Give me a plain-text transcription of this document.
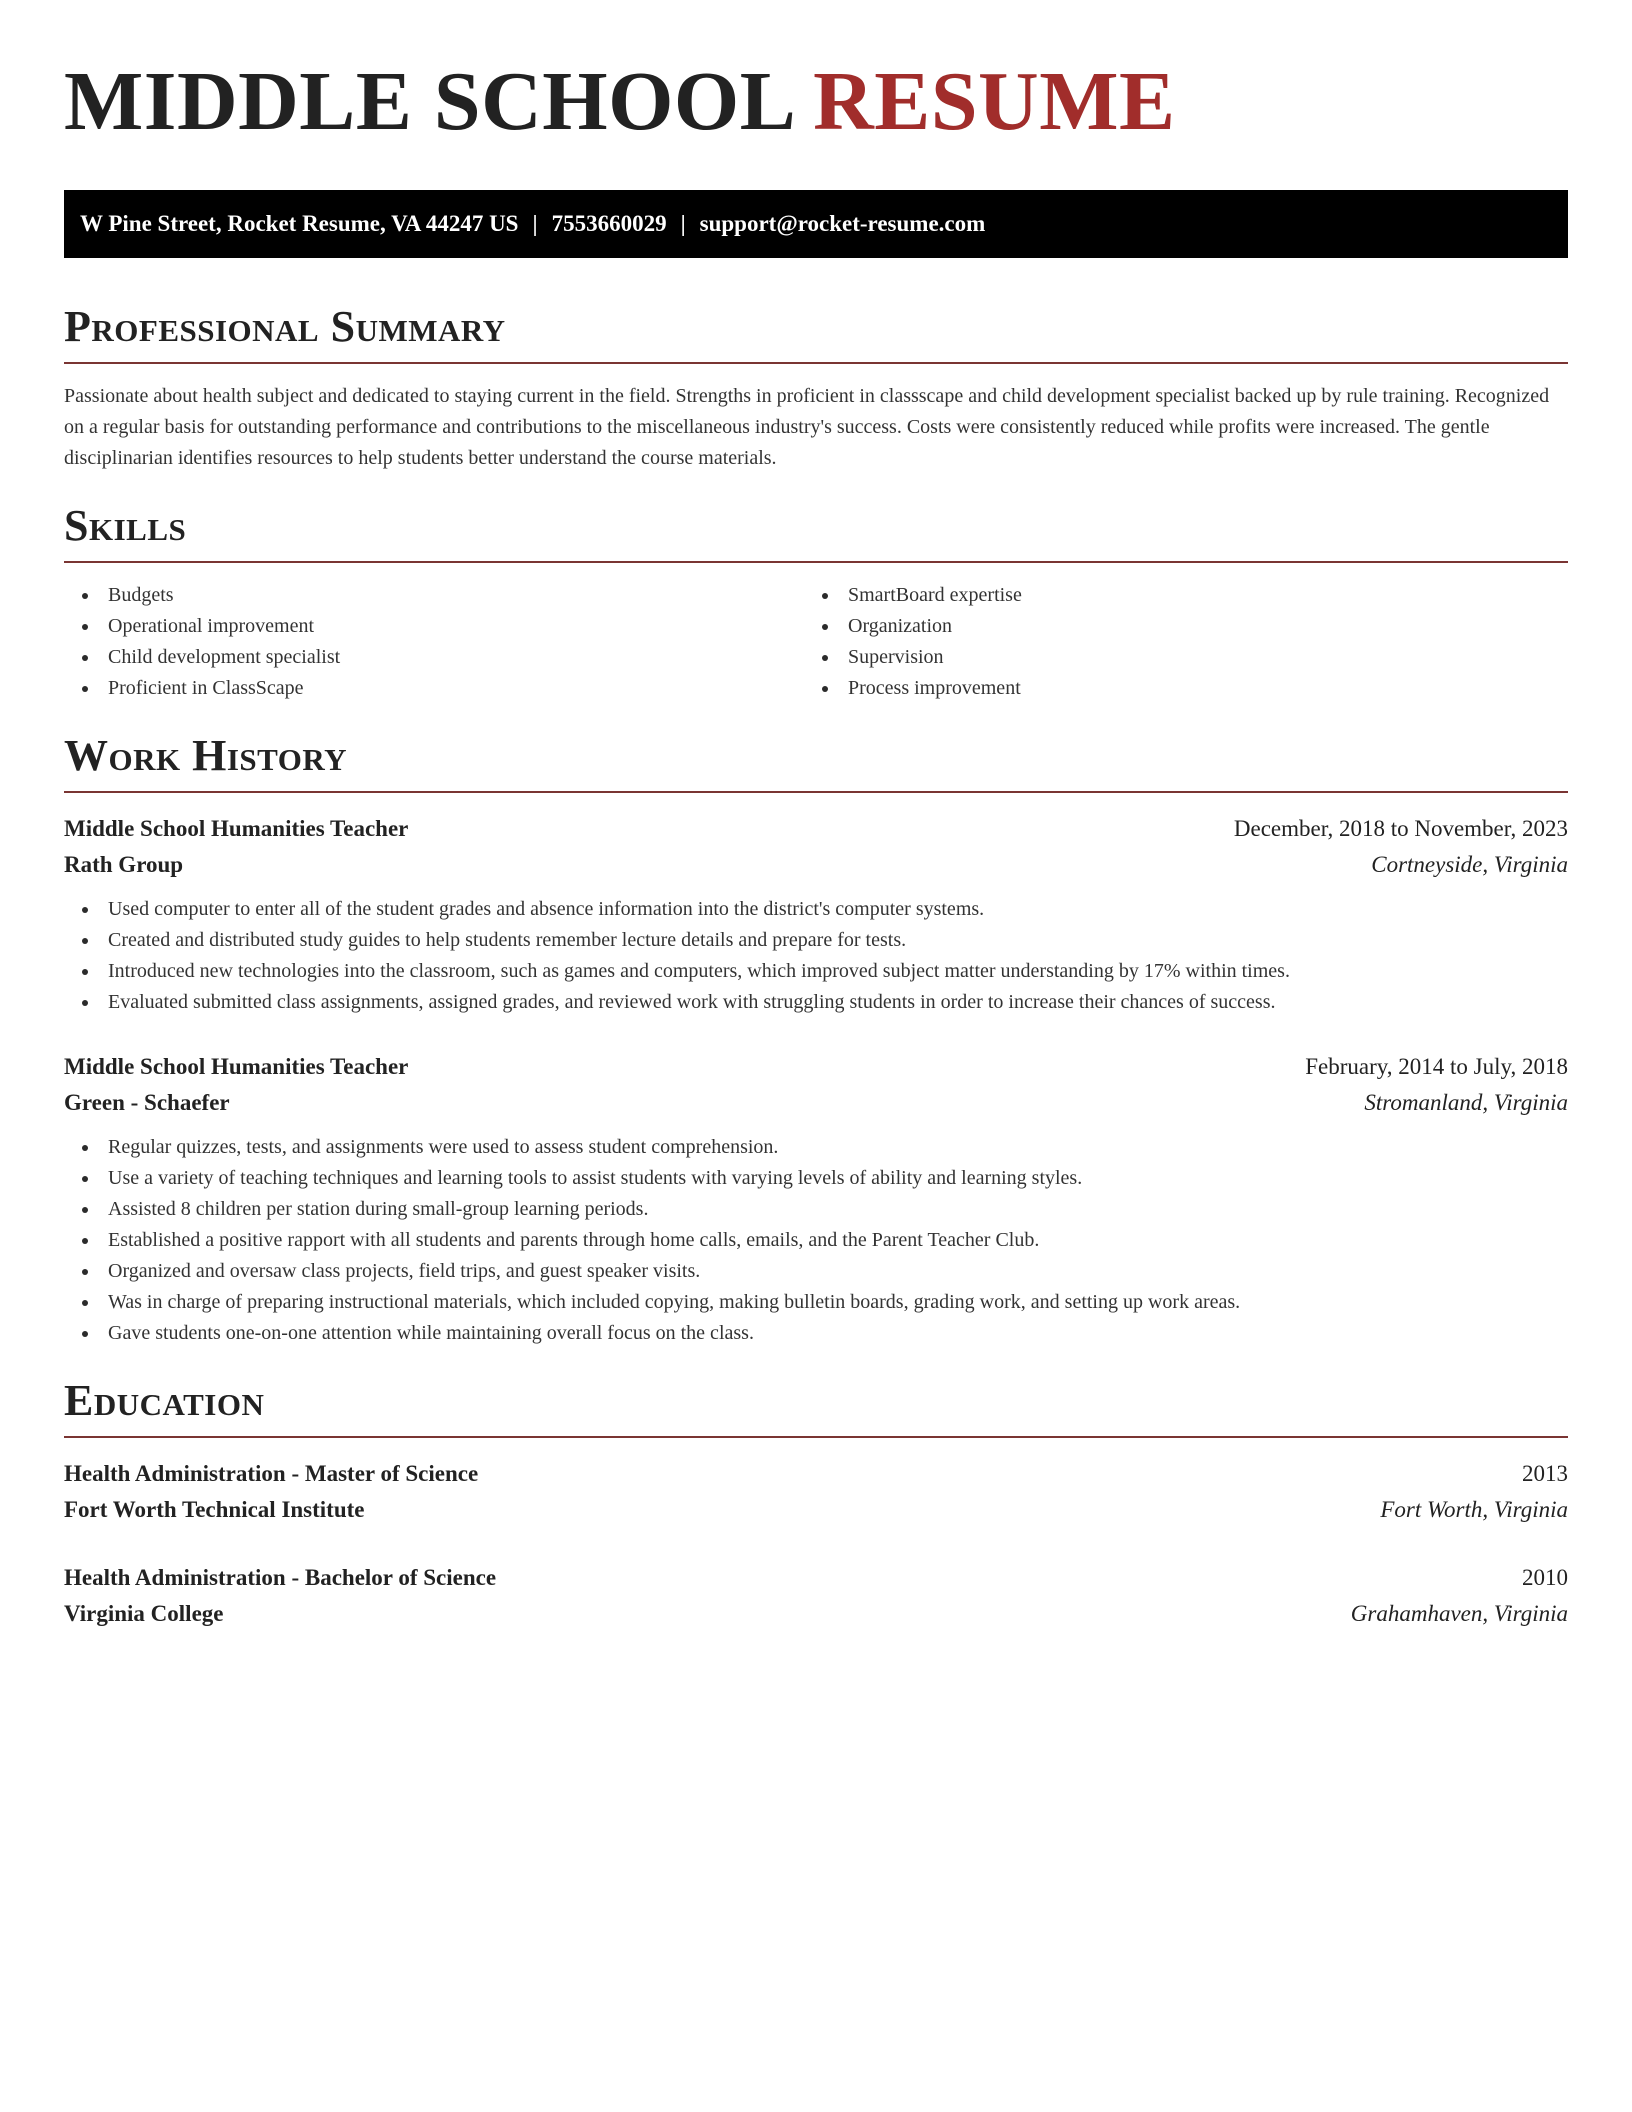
MIDDLE SCHOOL RESUME
W Pine Street, Rocket Resume, VA 44247 US | 7553660029 | support@rocket-resume.com
Professional Summary

Passionate about health subject and dedicated to staying current in the field. Strengths in proficient in classscape and child development specialist backed up by rule training. Recognized on a regular basis for outstanding performance and contributions to the miscellaneous industry's success. Costs were consistently reduced while profits were increased. The gentle disciplinarian identifies resources to help students better understand the course materials.

Skills
Budgets
Operational improvement
Child development specialist
Proficient in ClassScape
SmartBoard expertise
Organization
Supervision
Process improvement
Work History
Middle School Humanities Teacher	December, 2018 to November, 2023
Rath Group	Cortneyside, Virginia
Used computer to enter all of the student grades and absence information into the district's computer systems.
Created and distributed study guides to help students remember lecture details and prepare for tests.
Introduced new technologies into the classroom, such as games and computers, which improved subject matter understanding by 17% within times.
Evaluated submitted class assignments, assigned grades, and reviewed work with struggling students in order to increase their chances of success.
Middle School Humanities Teacher	February, 2014 to July, 2018
Green - Schaefer	Stromanland, Virginia
Regular quizzes, tests, and assignments were used to assess student comprehension.
Use a variety of teaching techniques and learning tools to assist students with varying levels of ability and learning styles.
Assisted 8 children per station during small-group learning periods.
Established a positive rapport with all students and parents through home calls, emails, and the Parent Teacher Club.
Organized and oversaw class projects, field trips, and guest speaker visits.
Was in charge of preparing instructional materials, which included copying, making bulletin boards, grading work, and setting up work areas.
Gave students one-on-one attention while maintaining overall focus on the class.
Education
Health Administration - Master of Science	2013
Fort Worth Technical Institute	Fort Worth, Virginia
Health Administration - Bachelor of Science	2010
Virginia College	Grahamhaven, Virginia
